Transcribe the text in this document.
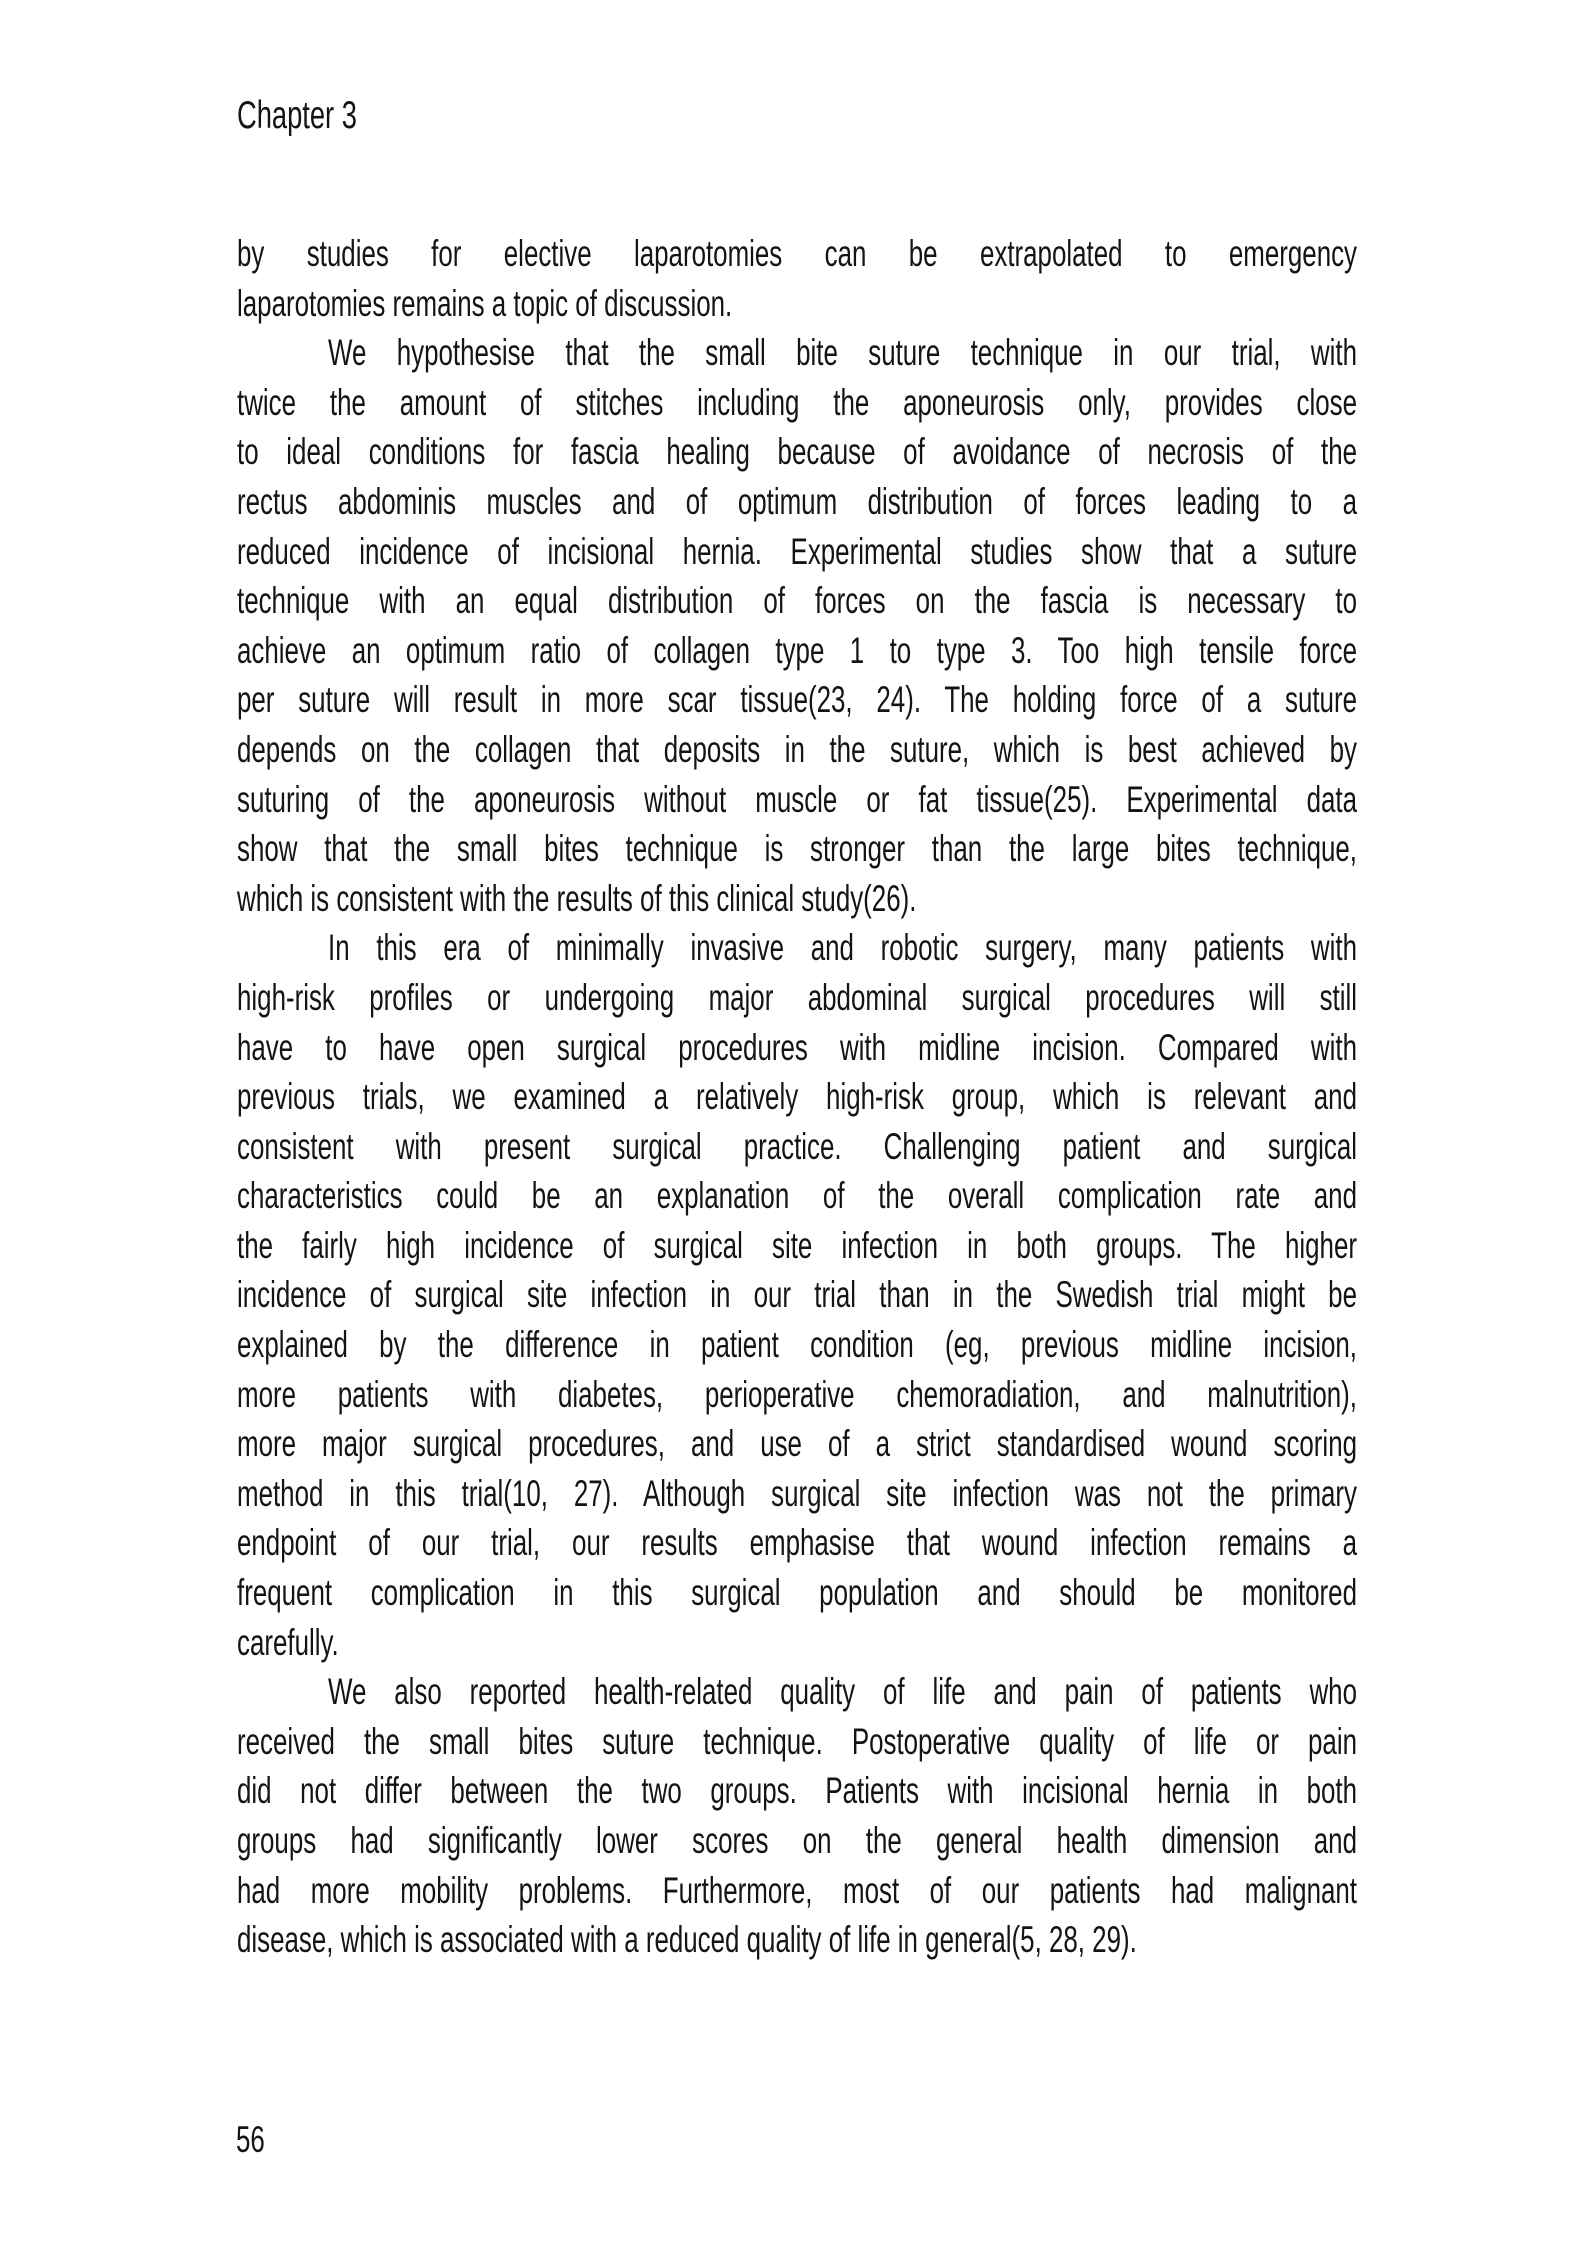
Chapter 3
by studies for elective laparotomies can be extrapolated to emergency
laparotomies remains a topic of discussion.
We hypothesise that the small bite suture technique in our trial, with
twice the amount of stitches including the aponeurosis only, provides close
to ideal conditions for fascia healing because of avoidance of necrosis of the
rectus abdominis muscles and of optimum distribution of forces leading to a
reduced incidence of incisional hernia. Experimental studies show that a suture
technique with an equal distribution of forces on the fascia is necessary to
achieve an optimum ratio of collagen type 1 to type 3. Too high tensile force
per suture will result in more scar tissue(23, 24). The holding force of a suture
depends on the collagen that deposits in the suture, which is best achieved by
suturing of the aponeurosis without muscle or fat tissue(25). Experimental data
show that the small bites technique is stronger than the large bites technique,
which is consistent with the results of this clinical study(26).
In this era of minimally invasive and robotic surgery, many patients with
high-risk profiles or undergoing major abdominal surgical procedures will still
have to have open surgical procedures with midline incision. Compared with
previous trials, we examined a relatively high-risk group, which is relevant and
consistent with present surgical practice. Challenging patient and surgical
characteristics could be an explanation of the overall complication rate and
the fairly high incidence of surgical site infection in both groups. The higher
incidence of surgical site infection in our trial than in the Swedish trial might be
explained by the difference in patient condition (eg, previous midline incision,
more patients with diabetes, perioperative chemoradiation, and malnutrition),
more major surgical procedures, and use of a strict standardised wound scoring
method in this trial(10, 27). Although surgical site infection was not the primary
endpoint of our trial, our results emphasise that wound infection remains a
frequent complication in this surgical population and should be monitored
carefully.
We also reported health-related quality of life and pain of patients who
received the small bites suture technique. Postoperative quality of life or pain
did not differ between the two groups. Patients with incisional hernia in both
groups had significantly lower scores on the general health dimension and
had more mobility problems. Furthermore, most of our patients had malignant
disease, which is associated with a reduced quality of life in general(5, 28, 29).
56
